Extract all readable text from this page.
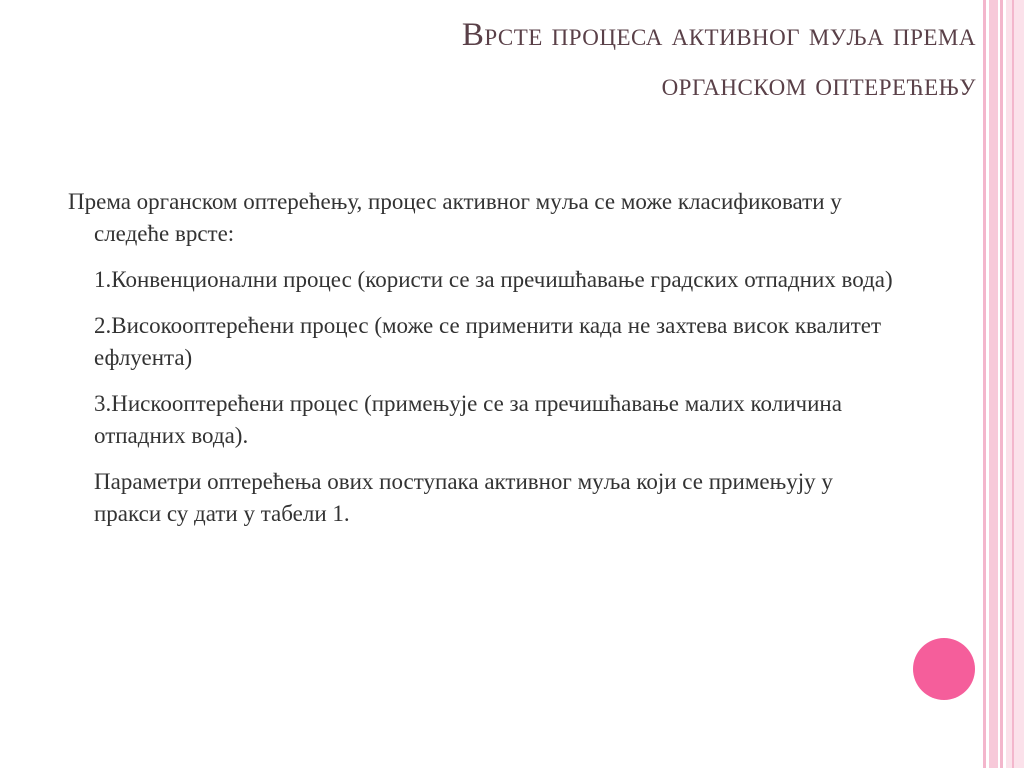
Врсте процеса активног муља према
органском оптерећењу

Према органском оптерећењу, процес активног муља се може класификовати у следеће врсте:

1.Конвенционални процес (користи се за пречишћавање градских отпадних вода)

2.Високооптерећени процес (може се применити када не захтева висок квалитет ефлуента)

3.Нискооптерећени процес (примењује се за пречишћавање малих количина отпадних вода).

Параметри оптерећења ових поступака активног муља који се примењују у пракси су дати у табели 1.
